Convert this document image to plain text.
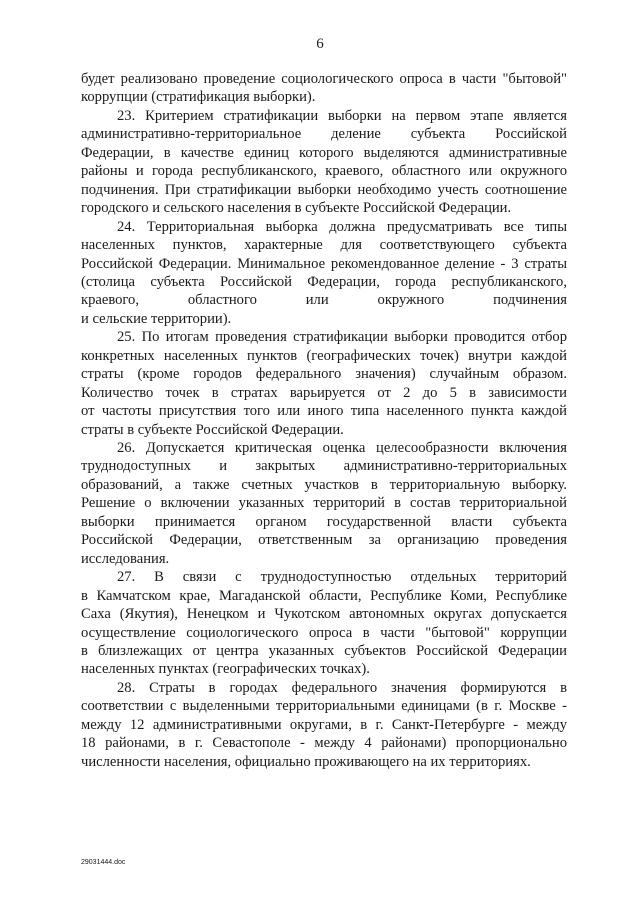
6
будет реализовано проведение социологического опроса в части "бытовой"
коррупции (стратификация выборки).
23. Критерием стратификации выборки на первом этапе является
административно-территориальное деление субъекта Российской
Федерации, в качестве единиц которого выделяются административные
районы и города республиканского, краевого, областного или окружного
подчинения. При стратификации выборки необходимо учесть соотношение
городского и сельского населения в субъекте Российской Федерации.
24. Территориальная выборка должна предусматривать все типы
населенных пунктов, характерные для соответствующего субъекта
Российской Федерации. Минимальное рекомендованное деление - 3 страты
(столица субъекта Российской Федерации, города республиканского,
краевого, областного или окружного подчинения
и сельские территории).
25. По итогам проведения стратификации выборки проводится отбор
конкретных населенных пунктов (географических точек) внутри каждой
страты (кроме городов федерального значения) случайным образом.
Количество точек в стратах варьируется от 2 до 5 в зависимости
от частоты присутствия того или иного типа населенного пункта каждой
страты в субъекте Российской Федерации.
26. Допускается критическая оценка целесообразности включения
труднодоступных и закрытых административно-территориальных
образований, а также счетных участков в территориальную выборку.
Решение о включении указанных территорий в состав территориальной
выборки принимается органом государственной власти субъекта
Российской Федерации, ответственным за организацию проведения
исследования.
27. В связи с труднодоступностью отдельных территорий
в Камчатском крае, Магаданской области, Республике Коми, Республике
Саха (Якутия), Ненецком и Чукотском автономных округах допускается
осуществление социологического опроса в части "бытовой" коррупции
в близлежащих от центра указанных субъектов Российской Федерации
населенных пунктах (географических точках).
28. Страты в городах федерального значения формируются в
соответствии с выделенными территориальными единицами (в г. Москве -
между 12 административными округами, в г. Санкт-Петербурге - между
18 районами, в г. Севастополе - между 4 районами) пропорционально
численности населения, официально проживающего на их территориях.
29031444.doc
